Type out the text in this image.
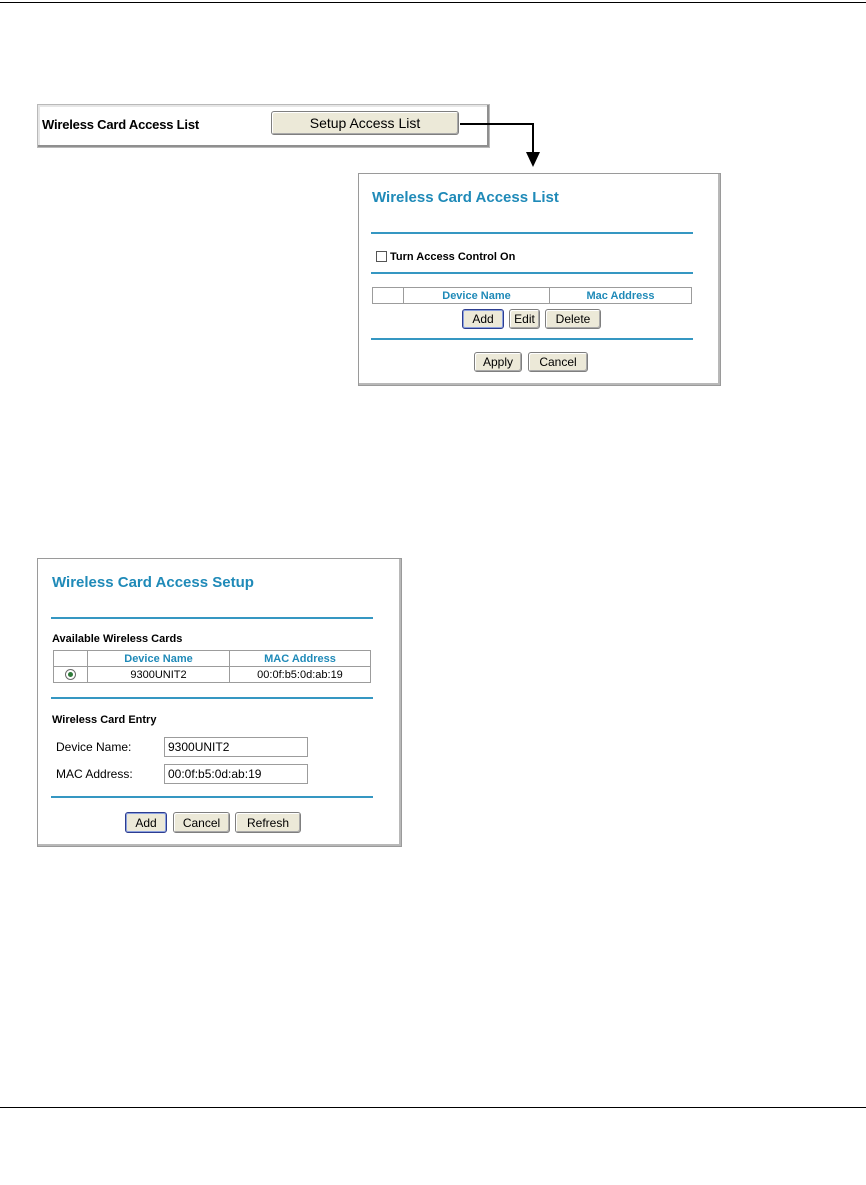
Wireless Card Access List	Setup Access List
Wireless Card Access List
Turn Access Control On
	Device Name	Mac Address
Add	Edit	Delete
Apply	Cancel
Wireless Card Access Setup
Available Wireless Cards
	Device Name	MAC Address
	9300UNIT2	00:0f:b5:0d:ab:19
Wireless Card Entry
Device Name:
9300UNIT2
MAC Address:
00:0f:b5:0d:ab:19
Add	Cancel	Refresh
